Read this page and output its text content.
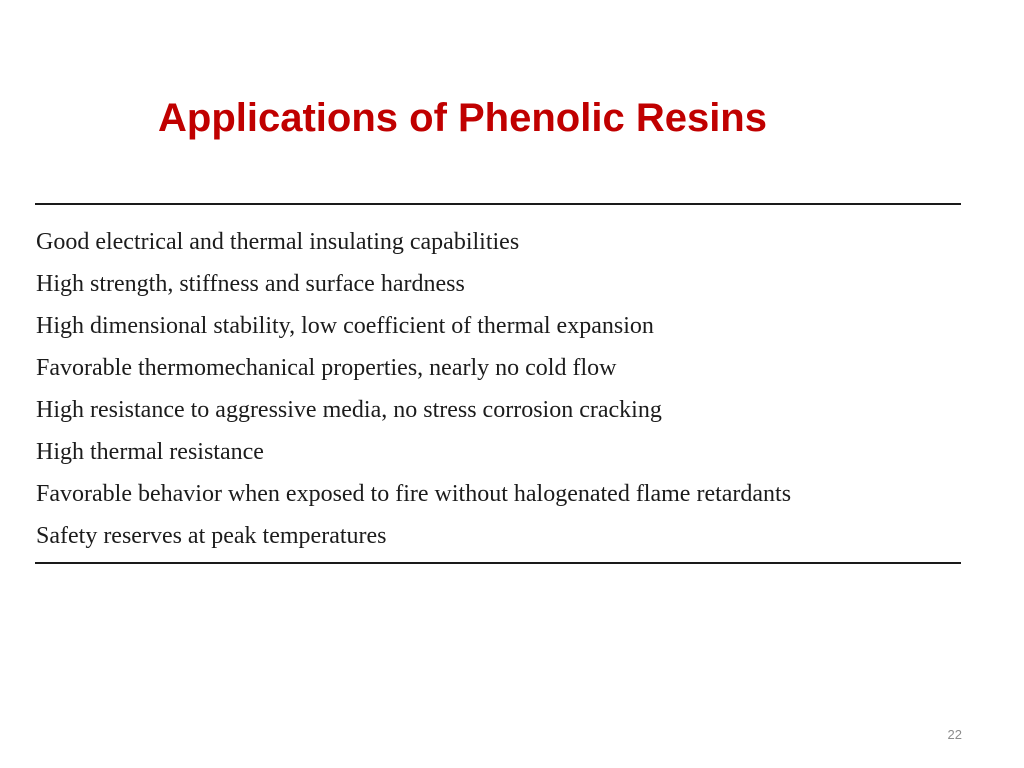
Applications of Phenolic Resins
Good electrical and thermal insulating capabilities
High strength, stiffness and surface hardness
High dimensional stability, low coefficient of thermal expansion
Favorable thermomechanical properties, nearly no cold flow
High resistance to aggressive media, no stress corrosion cracking
High thermal resistance
Favorable behavior when exposed to fire without halogenated flame retardants
Safety reserves at peak temperatures
22
